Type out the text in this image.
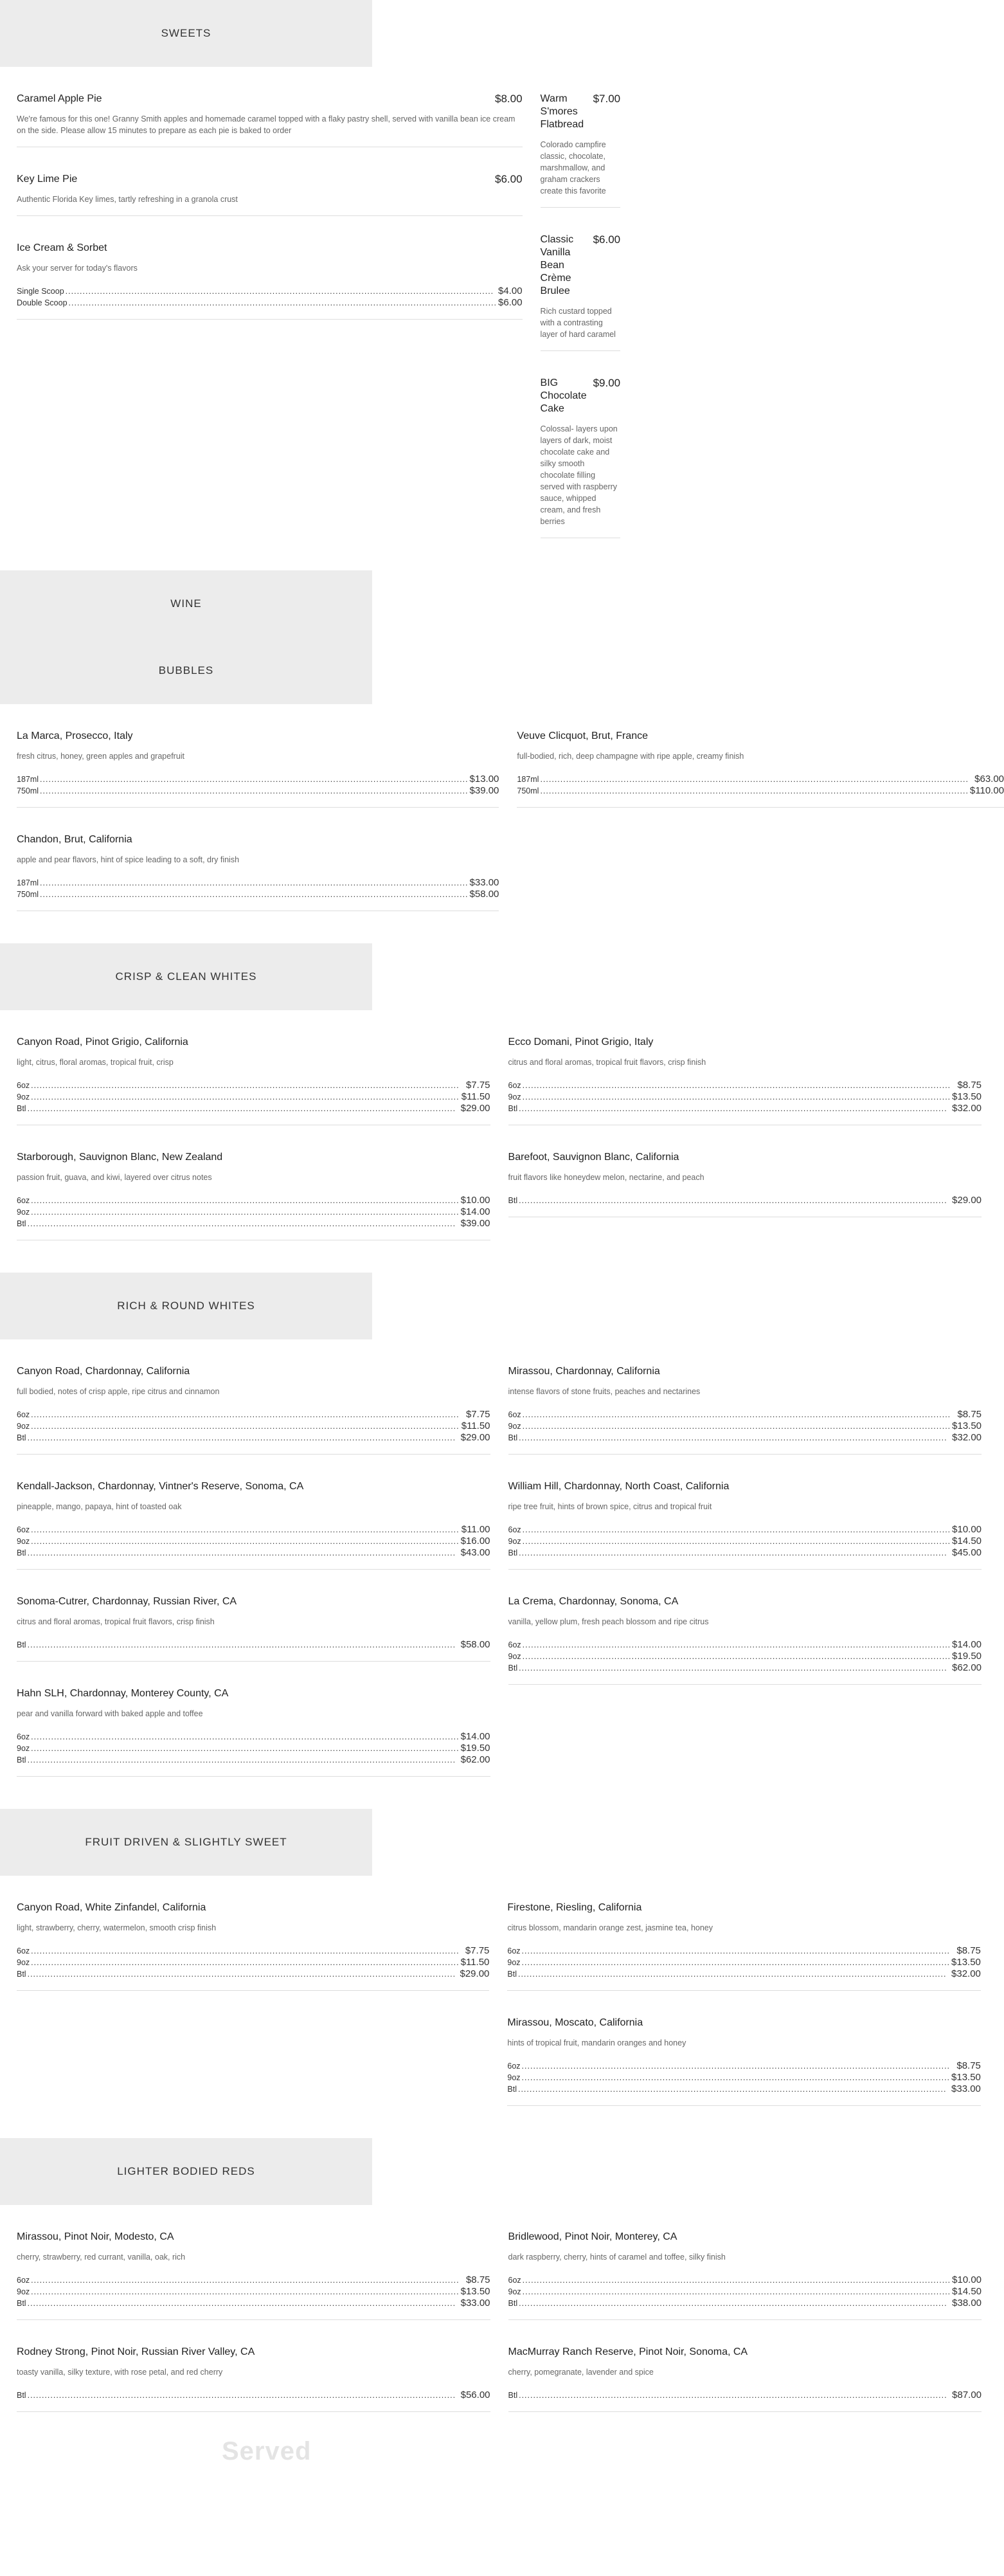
SWEETS
Caramel Apple Pie	$8.00
We're famous for this one! Granny Smith apples and homemade caramel topped with a flaky pastry shell, served with vanilla bean ice cream on the side. Please allow 15 minutes to prepare as each pie is baked to order
Key Lime Pie	$6.00
Authentic Florida Key limes, tartly refreshing in a granola crust
Ice Cream & Sorbet
Ask your server for today's flavors
Single Scoop .....	$4.00
Double Scoop .....	$6.00
Warm S'mores Flatbread
$7.00
Colorado campfire classic, chocolate, marshmallow, and graham crackers create this favorite
Classic Vanilla Bean Crème Brulee
$6.00
Rich custard topped with a contrasting layer of hard caramel
BIG Chocolate Cake
$9.00
Colossal- layers upon layers of dark, moist chocolate cake and silky smooth chocolate filling served with raspberry sauce, whipped cream, and fresh berries
WINE
BUBBLES
La Marca, Prosecco, Italy
fresh citrus, honey, green apples and grapefruit
187ml .....	$13.00
750ml .....	$39.00
Chandon, Brut, California
apple and pear flavors, hint of spice leading to a soft, dry finish
187ml .....	$33.00
750ml .....	$58.00
Veuve Clicquot, Brut, France
full-bodied, rich, deep champagne with ripe apple, creamy finish
187ml .....	$63.00
750ml .....	$110.00
CRISP & CLEAN WHITES
Canyon Road, Pinot Grigio, California
light, citrus, floral aromas, tropical fruit, crisp
6oz .....	$7.75
9oz .....	$11.50
Btl .....	$29.00
Starborough, Sauvignon Blanc, New Zealand
passion fruit, guava, and kiwi, layered over citrus notes
6oz .....	$10.00
9oz .....	$14.00
Btl .....	$39.00
Ecco Domani, Pinot Grigio, Italy
citrus and floral aromas, tropical fruit flavors, crisp finish
6oz .....	$8.75
9oz .....	$13.50
Btl .....	$32.00
Barefoot, Sauvignon Blanc, California
fruit flavors like honeydew melon, nectarine, and peach
Btl .....	$29.00
RICH & ROUND WHITES
Canyon Road, Chardonnay, California
full bodied, notes of crisp apple, ripe citrus and cinnamon
6oz .....	$7.75
9oz .....	$11.50
Btl .....	$29.00
Kendall-Jackson, Chardonnay, Vintner's Reserve, Sonoma, CA
pineapple, mango, papaya, hint of toasted oak
6oz .....	$11.00
9oz .....	$16.00
Btl .....	$43.00
Sonoma-Cutrer, Chardonnay, Russian River, CA
citrus and floral aromas, tropical fruit flavors, crisp finish
Btl .....	$58.00
Hahn SLH, Chardonnay, Monterey County, CA
pear and vanilla forward with baked apple and toffee
6oz .....	$14.00
9oz .....	$19.50
Btl .....	$62.00
Mirassou, Chardonnay, California
intense flavors of stone fruits, peaches and nectarines
6oz .....	$8.75
9oz .....	$13.50
Btl .....	$32.00
William Hill, Chardonnay, North Coast, California
ripe tree fruit, hints of brown spice, citrus and tropical fruit
6oz .....	$10.00
9oz .....	$14.50
Btl .....	$45.00
La Crema, Chardonnay, Sonoma, CA
vanilla, yellow plum, fresh peach blossom and ripe citrus
6oz .....	$14.00
9oz .....	$19.50
Btl .....	$62.00
FRUIT DRIVEN & SLIGHTLY SWEET
Canyon Road, White Zinfandel, California
light, strawberry, cherry, watermelon, smooth crisp finish
6oz .....	$7.75
9oz .....	$11.50
Btl .....	$29.00
Firestone, Riesling, California
citrus blossom, mandarin orange zest, jasmine tea, honey
6oz .....	$8.75
9oz .....	$13.50
Btl .....	$32.00
Mirassou, Moscato, California
hints of tropical fruit, mandarin oranges and honey
6oz .....	$8.75
9oz .....	$13.50
Btl .....	$33.00
LIGHTER BODIED REDS
Mirassou, Pinot Noir, Modesto, CA
cherry, strawberry, red currant, vanilla, oak, rich
6oz .....	$8.75
9oz .....	$13.50
Btl .....	$33.00
Rodney Strong, Pinot Noir, Russian River Valley, CA
toasty vanilla, silky texture, with rose petal, and red cherry
Btl .....	$56.00
Bridlewood, Pinot Noir, Monterey, CA
dark raspberry, cherry, hints of caramel and toffee, silky finish
6oz .....	$10.00
9oz .....	$14.50
Btl .....	$38.00
MacMurray Ranch Reserve, Pinot Noir, Sonoma, CA
cherry, pomegranate, lavender and spice
Btl .....	$87.00
Served
